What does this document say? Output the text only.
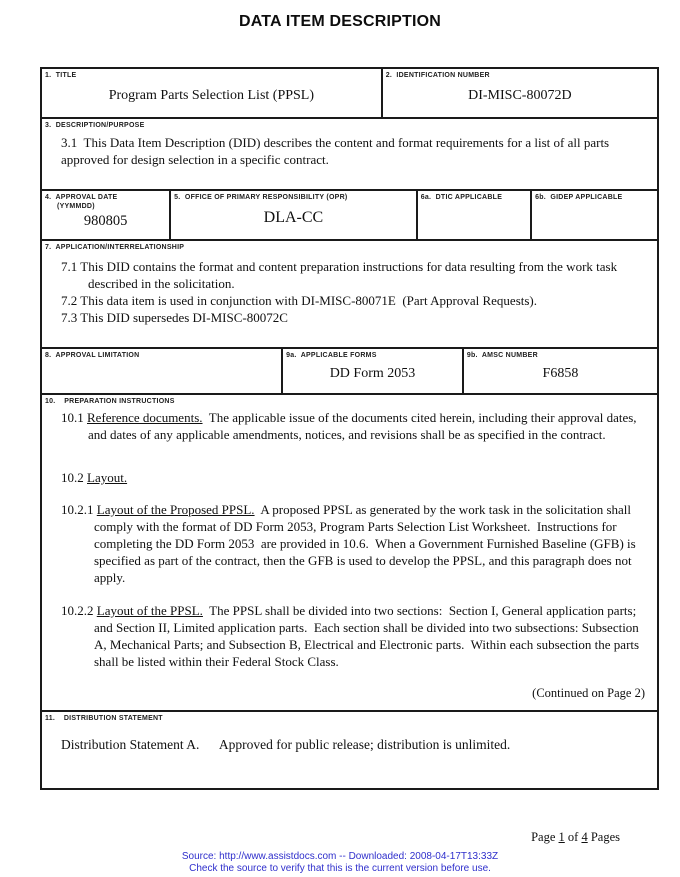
DATA ITEM DESCRIPTION
1.  TITLE
Program Parts Selection List (PPSL)
2.  IDENTIFICATION NUMBER
DI-MISC-80072D
3.  DESCRIPTION/PURPOSE

3.1  This Data Item Description (DID) describes the content and format requirements for a list of all parts approved for design selection in a specific contract.

4.  APPROVAL DATE
(YYMMDD)
980805
5.  OFFICE OF PRIMARY RESPONSIBILITY (OPR)
DLA-CC
6a.  DTIC APPLICABLE	6b.  GIDEP APPLICABLE
7.  APPLICATION/INTERRELATIONSHIP

7.1 This DID contains the format and content preparation instructions for data resulting from the work task described in the solicitation.

7.2 This data item is used in conjunction with DI-MISC-80071E  (Part Approval Requests).

7.3 This DID supersedes DI-MISC-80072C

8.  APPROVAL LIMITATION	9a.  APPLICABLE FORMS
DD Form 2053
9b.  AMSC NUMBER
F6858
10.    PREPARATION INSTRUCTIONS

10.1 Reference documents.  The applicable issue of the documents cited herein, including their approval dates, and dates of any applicable amendments, notices, and revisions shall be as specified in the contract.

10.2 Layout.

10.2.1 Layout of the Proposed PPSL.  A proposed PPSL as generated by the work task in the solicitation shall comply with the format of DD Form 2053, Program Parts Selection List Worksheet.  Instructions for completing the DD Form 2053  are provided in 10.6.  When a Government Furnished Baseline (GFB) is specified as part of the contract, then the GFB is used to develop the PPSL, and this paragraph does not apply.

10.2.2 Layout of the PPSL.  The PPSL shall be divided into two sections:  Section I, General application parts; and Section II, Limited application parts.  Each section shall be divided into two subsections: Subsection A, Mechanical Parts; and Subsection B, Electrical and Electronic parts.  Within each subsection the parts shall be listed within their Federal Stock Class.

(Continued on Page 2)

11.    DISTRIBUTION STATEMENT

Distribution Statement A.      Approved for public release; distribution is unlimited.

Page 1 of 4 Pages
Source: http://www.assistdocs.com -- Downloaded: 2008-04-17T13:33Z
Check the source to verify that this is the current version before use.
